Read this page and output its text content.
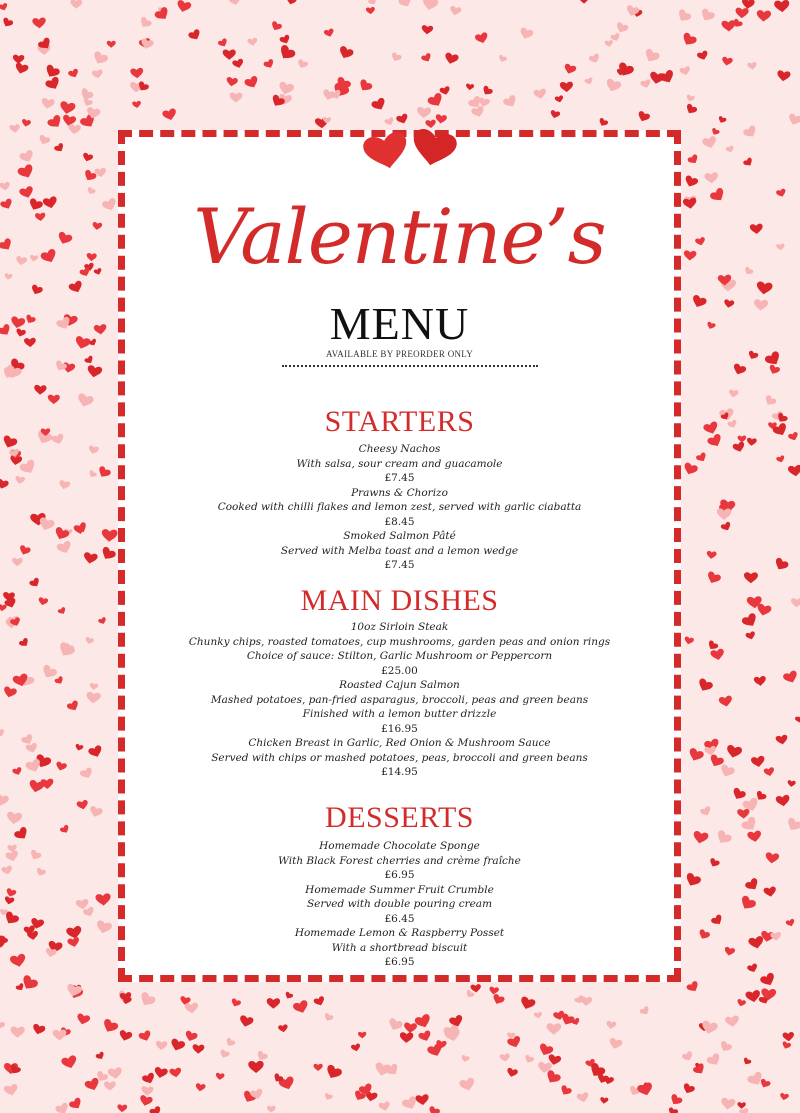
Valentine’s
MENU
AVAILABLE BY PREORDER ONLY
STARTERS
Cheesy Nachos
With salsa, sour cream and guacamole
£7.45
Prawns & Chorizo
Cooked with chilli flakes and lemon zest, served with garlic ciabatta
£8.45
Smoked Salmon Pâté
Served with Melba toast and a lemon wedge
£7.45
MAIN DISHES
10oz Sirloin Steak
Chunky chips, roasted tomatoes, cup mushrooms, garden peas and onion rings
Choice of sauce: Stilton, Garlic Mushroom or Peppercorn
£25.00
Roasted Cajun Salmon
Mashed potatoes, pan-fried asparagus, broccoli, peas and green beans
Finished with a lemon butter drizzle
£16.95
Chicken Breast in Garlic, Red Onion & Mushroom Sauce
Served with chips or mashed potatoes, peas, broccoli and green beans
£14.95
DESSERTS
Homemade Chocolate Sponge
With Black Forest cherries and crème fraîche
£6.95
Homemade Summer Fruit Crumble
Served with double pouring cream
£6.45
Homemade Lemon & Raspberry Posset
With a shortbread biscuit
£6.95
